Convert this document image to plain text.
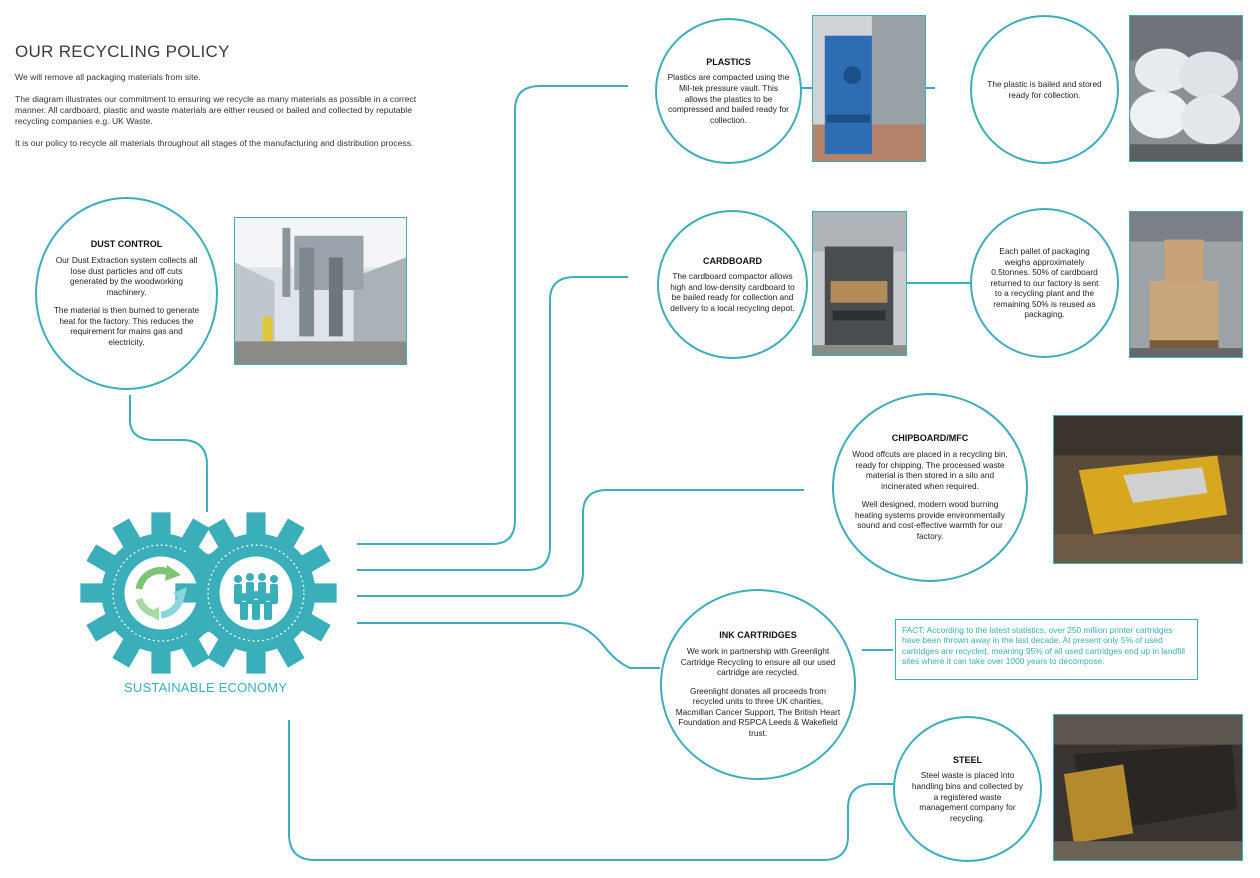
OUR RECYCLING POLICY

We will remove all packaging materials from site.

The diagram illustrates our commitment to ensuring we recycle as many materials as possible in a correct manner. All cardboard, plastic and waste materials are either reused or bailed and collected by reputable recycling companies e.g. UK Waste.

It is our policy to recycle all materials throughout all stages of the manufacturing and distribution process.

DUST CONTROL

Our Dust Extraction system collects all lose dust particles and off cuts generated by the woodworking machinery.

The material is then burned to generate heat for the factory. This reduces the requirement for mains gas and electricity.

PLASTICS

Plastics are compacted using the Mil-tek pressure vault. This allows the plastics to be compressed and bailed ready for collection.

The plastic is bailed and stored ready for collection.

CARDBOARD

The cardboard compactor allows high and low-density cardboard to be bailed ready for collection and delivery to a local recycling depot.

Each pallet of packaging weighs approximately 0.5tonnes. 50% of cardboard returned to our factory is sent to a recycling plant and the remaining 50% is reused as packaging.

CHIPBOARD/MFC

Wood offcuts are placed in a recycling bin, ready for chipping. The processed waste material is then stored in a silo and incinerated when required.

Well designed, modern wood burning heating systems provide environmentally sound and cost-effective warmth for our factory.

INK CARTRIDGES

We work in partnership with Greenlight Cartridge Recycling to ensure all our used cartridge are recycled.

Greenlight donates all proceeds from recycled units to three UK charities, Macmillan Cancer Support, The British Heart Foundation and RSPCA Leeds & Wakefield trust.

FACT: According to the latest statistics, over 250 million printer cartridges have been thrown away in the last decade. At present only 5% of used cartridges are recycled, meaning 95% of all used cartridges end up in landfill sites where it can take over 1000 years to decompose.
STEEL

Steel waste is placed into handling bins and collected by a registered waste management company for recycling.

SUSTAINABLE ECONOMY
